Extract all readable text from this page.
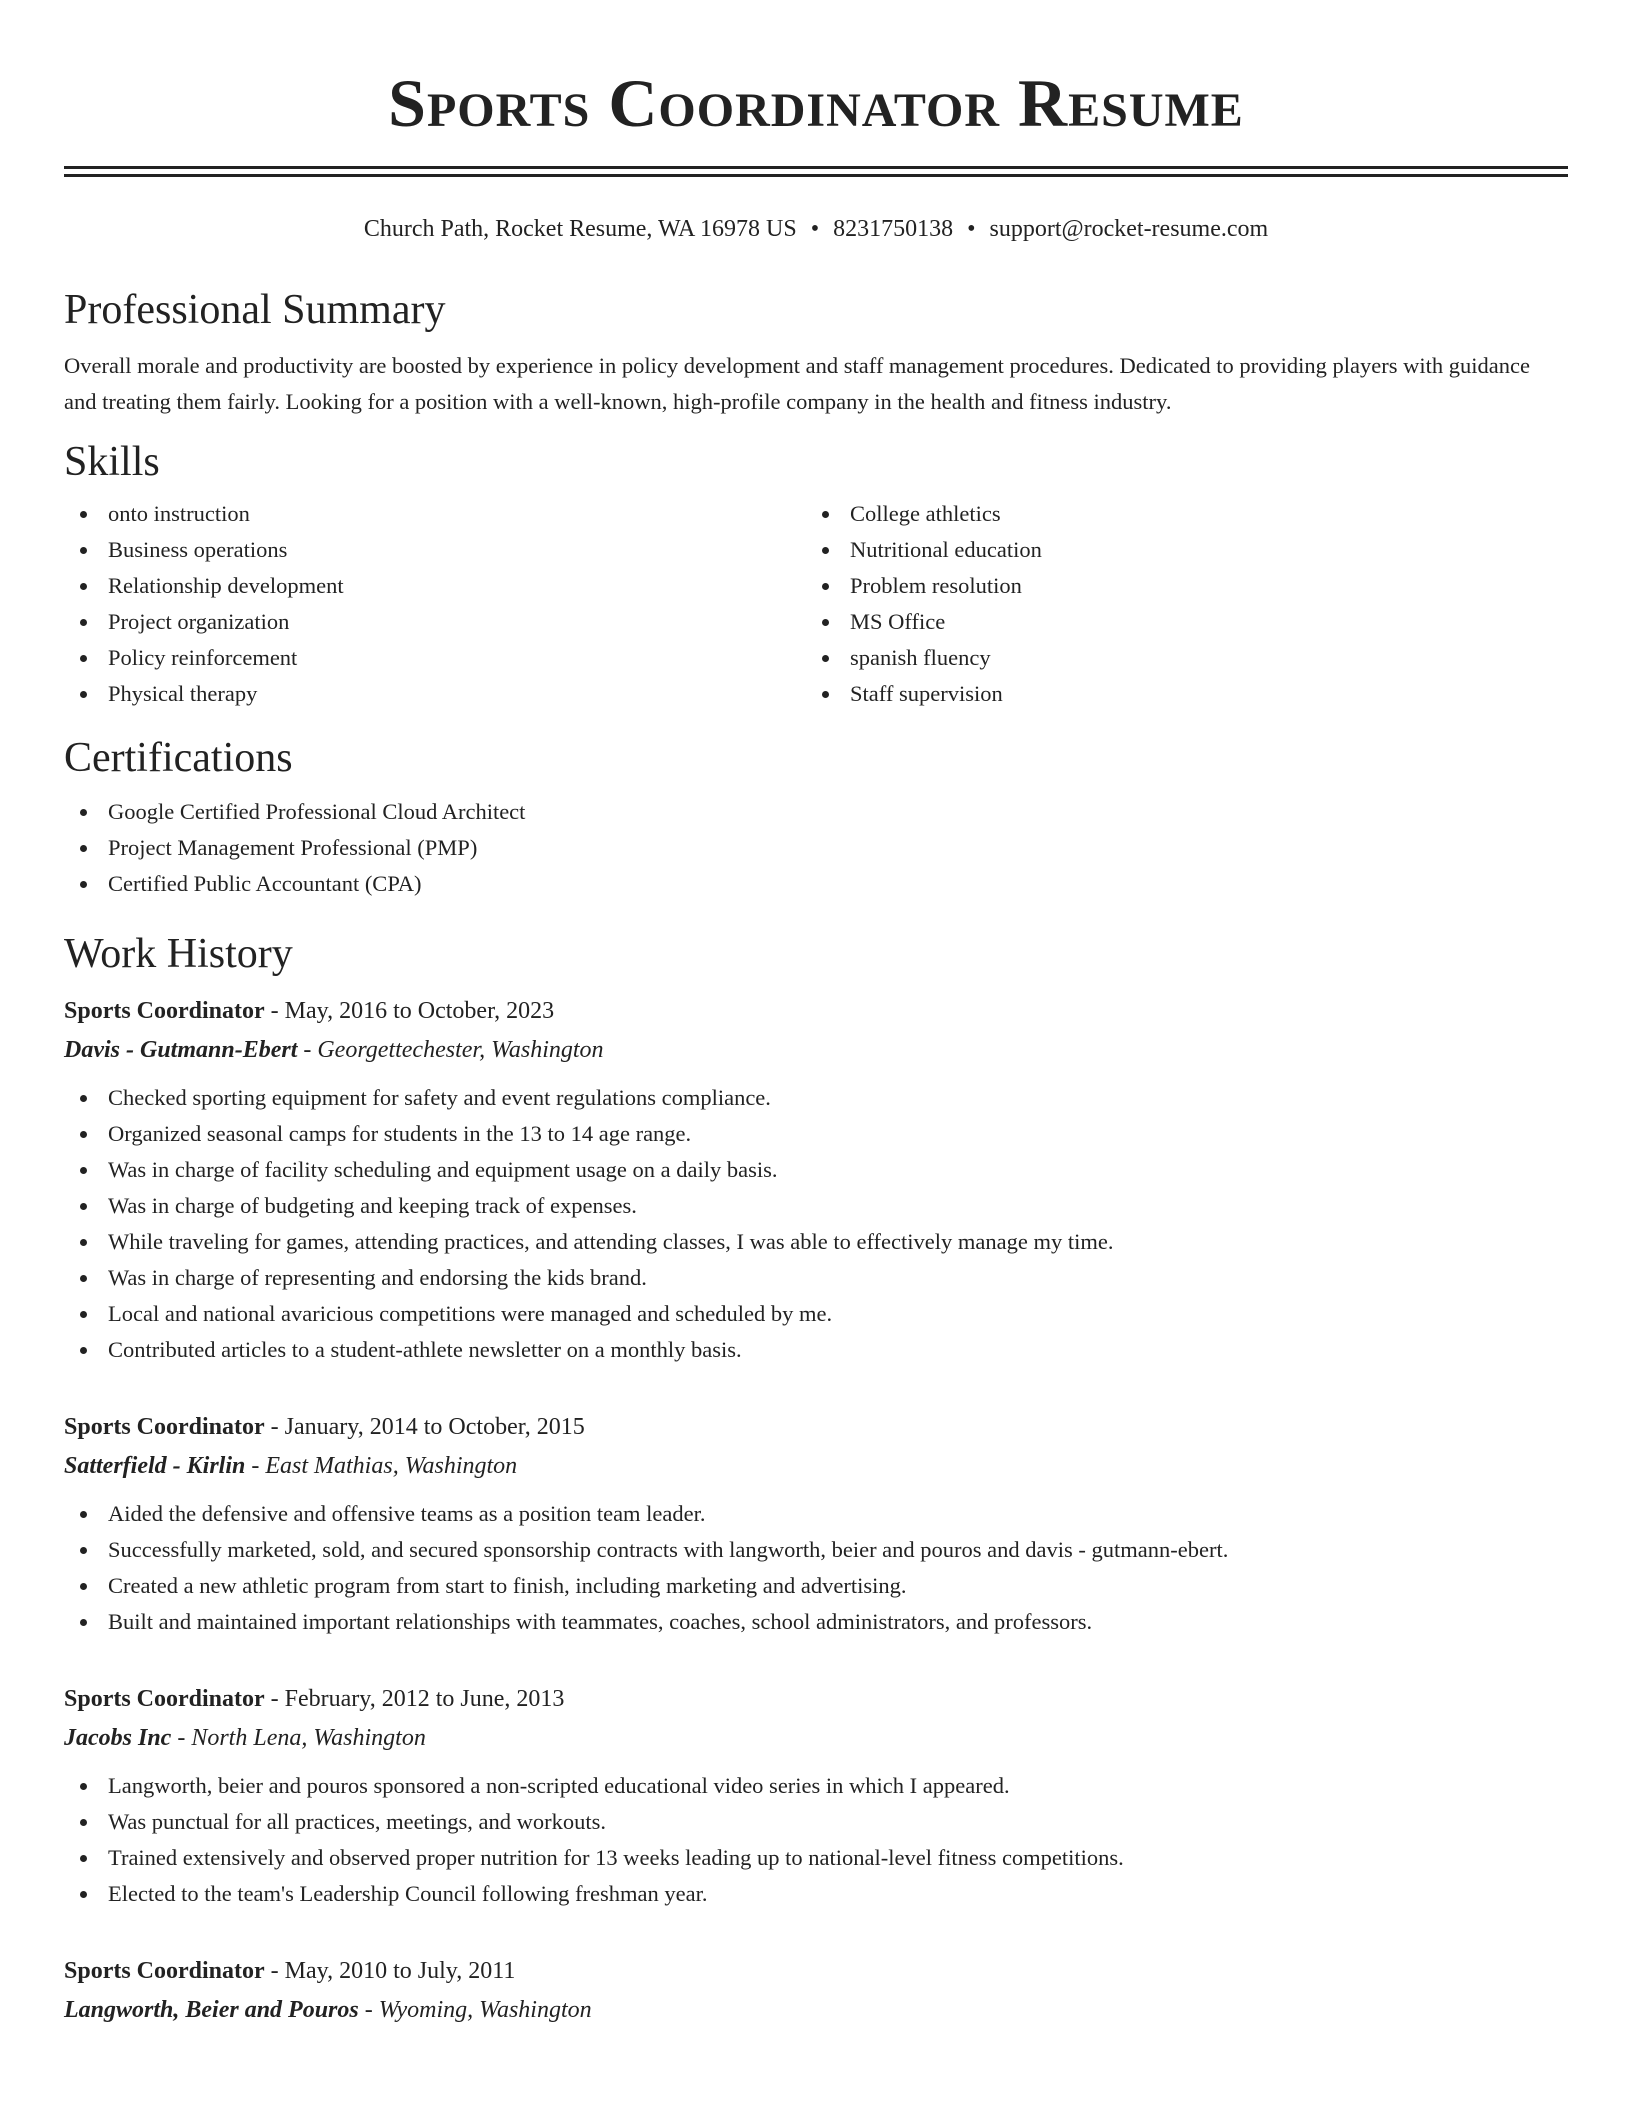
Sports Coordinator Resume
Church Path, Rocket Resume, WA 16978 US • 8231750138 • support@rocket-resume.com
Professional Summary
Overall morale and productivity are boosted by experience in policy development and staff management procedures. Dedicated to providing players with guidance and treating them fairly. Looking for a position with a well-known, high-profile company in the health and fitness industry.
Skills
onto instruction
Business operations
Relationship development
Project organization
Policy reinforcement
Physical therapy
College athletics
Nutritional education
Problem resolution
MS Office
spanish fluency
Staff supervision
Certifications
Google Certified Professional Cloud Architect
Project Management Professional (PMP)
Certified Public Accountant (CPA)
Work History
Sports Coordinator - May, 2016 to October, 2023
Davis - Gutmann-Ebert - Georgettechester, Washington
Checked sporting equipment for safety and event regulations compliance.
Organized seasonal camps for students in the 13 to 14 age range.
Was in charge of facility scheduling and equipment usage on a daily basis.
Was in charge of budgeting and keeping track of expenses.
While traveling for games, attending practices, and attending classes, I was able to effectively manage my time.
Was in charge of representing and endorsing the kids brand.
Local and national avaricious competitions were managed and scheduled by me.
Contributed articles to a student-athlete newsletter on a monthly basis.
Sports Coordinator - January, 2014 to October, 2015
Satterfield - Kirlin - East Mathias, Washington
Aided the defensive and offensive teams as a position team leader.
Successfully marketed, sold, and secured sponsorship contracts with langworth, beier and pouros and davis - gutmann-ebert.
Created a new athletic program from start to finish, including marketing and advertising.
Built and maintained important relationships with teammates, coaches, school administrators, and professors.
Sports Coordinator - February, 2012 to June, 2013
Jacobs Inc - North Lena, Washington
Langworth, beier and pouros sponsored a non-scripted educational video series in which I appeared.
Was punctual for all practices, meetings, and workouts.
Trained extensively and observed proper nutrition for 13 weeks leading up to national-level fitness competitions.
Elected to the team's Leadership Council following freshman year.
Sports Coordinator - May, 2010 to July, 2011
Langworth, Beier and Pouros - Wyoming, Washington
